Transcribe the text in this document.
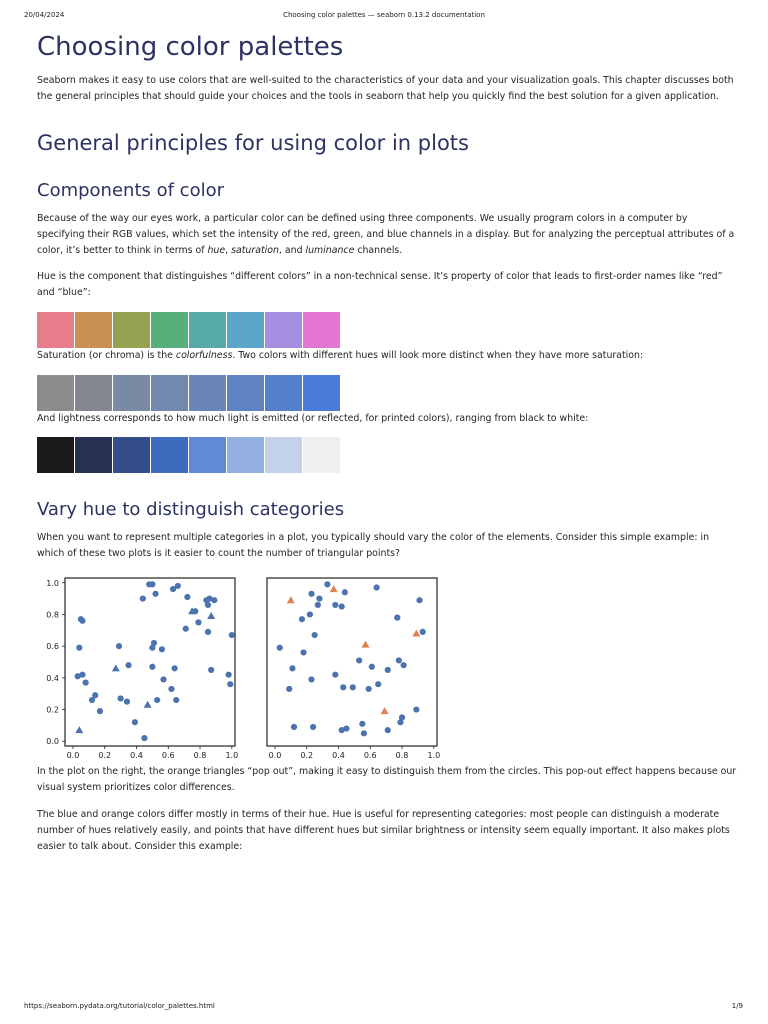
20/04/2024	Choosing color palettes — seaborn 0.13.2 documentation
Choosing color palettes

Seaborn makes it easy to use colors that are well-suited to the characteristics of your data and your visualization goals. This chapter discusses both the general principles that should guide your choices and the tools in seaborn that help you quickly find the best solution for a given application.

General principles for using color in plots
Components of color

Because of the way our eyes work, a particular color can be defined using three components. We usually program colors in a computer by specifying their RGB values, which set the intensity of the red, green, and blue channels in a display. But for analyzing the perceptual attributes of a color, it’s better to think in terms of hue, saturation, and luminance channels.

Hue is the component that distinguishes “different colors” in a non-technical sense. It’s property of color that leads to first-order names like “red” and “blue”:

Saturation (or chroma) is the colorfulness. Two colors with different hues will look more distinct when they have more saturation:

And lightness corresponds to how much light is emitted (or reflected, for printed colors), ranging from black to white:

Vary hue to distinguish categories

When you want to represent multiple categories in a plot, you typically should vary the color of the elements. Consider this simple example: in which of these two plots is it easier to count the number of triangular points?

0.0 0.2 0.4 0.6 0.8 1.0
0.0
0.2
0.4
0.6
0.8
1.0
0.0 0.2 0.4 0.6 0.8 1.0

In the plot on the right, the orange triangles “pop out”, making it easy to distinguish them from the circles. This pop-out effect happens because our visual system prioritizes color differences.

The blue and orange colors differ mostly in terms of their hue. Hue is useful for representing categories: most people can distinguish a moderate number of hues relatively easily, and points that have different hues but similar brightness or intensity seem equally important. It also makes plots easier to talk about. Consider this example:

https://seaborn.pydata.org/tutorial/color_palettes.html	1/9
